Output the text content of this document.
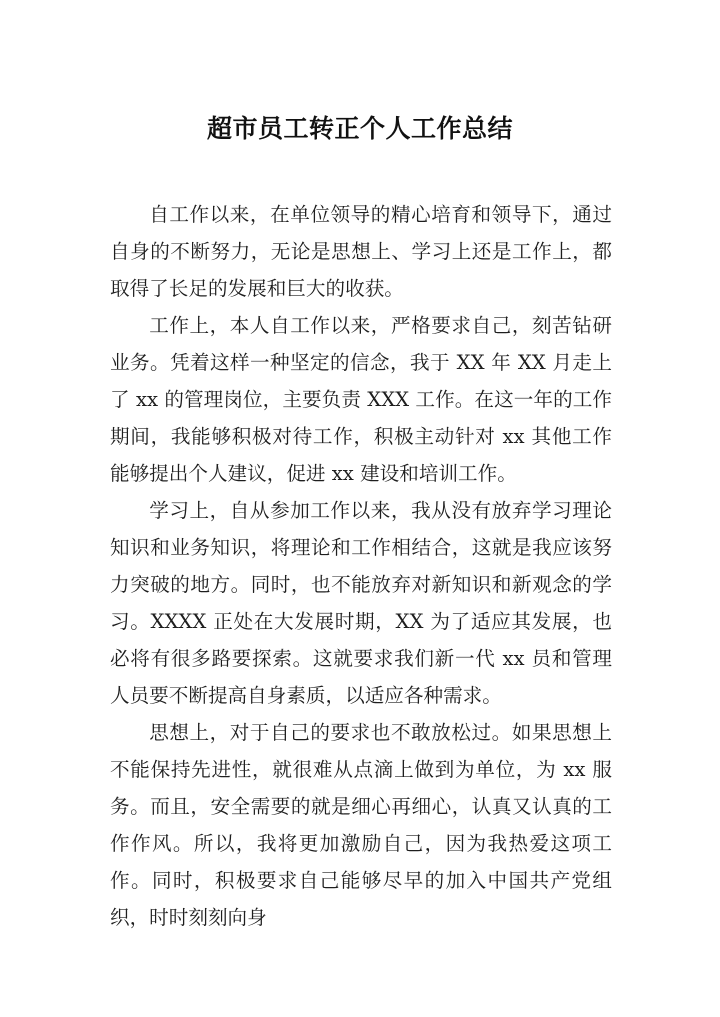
超市员工转正个人工作总结

自工作以来，在单位领导的精心培育和领导下，通过自身的不断努力，无论是思想上、学习上还是工作上，都取得了长足的发展和巨大的收获。

工作上，本人自工作以来，严格要求自己，刻苦钻研业务。凭着这样一种坚定的信念，我于 XX 年 XX 月走上了 xx 的管理岗位，主要负责 XXX 工作。在这一年的工作期间，我能够积极对待工作，积极主动针对 xx 其他工作能够提出个人建议，促进 xx 建设和培训工作。

学习上，自从参加工作以来，我从没有放弃学习理论知识和业务知识，将理论和工作相结合，这就是我应该努力突破的地方。同时，也不能放弃对新知识和新观念的学习。XXXX 正处在大发展时期，XX 为了适应其发展，也必将有很多路要探索。这就要求我们新一代 xx 员和管理人员要不断提高自身素质，以适应各种需求。

思想上，对于自己的要求也不敢放松过。如果思想上不能保持先进性，就很难从点滴上做到为单位，为 xx 服务。而且，安全需要的就是细心再细心，认真又认真的工作作风。所以，我将更加激励自己，因为我热爱这项工作。同时，积极要求自己能够尽早的加入中国共产党组织，时时刻刻向身
